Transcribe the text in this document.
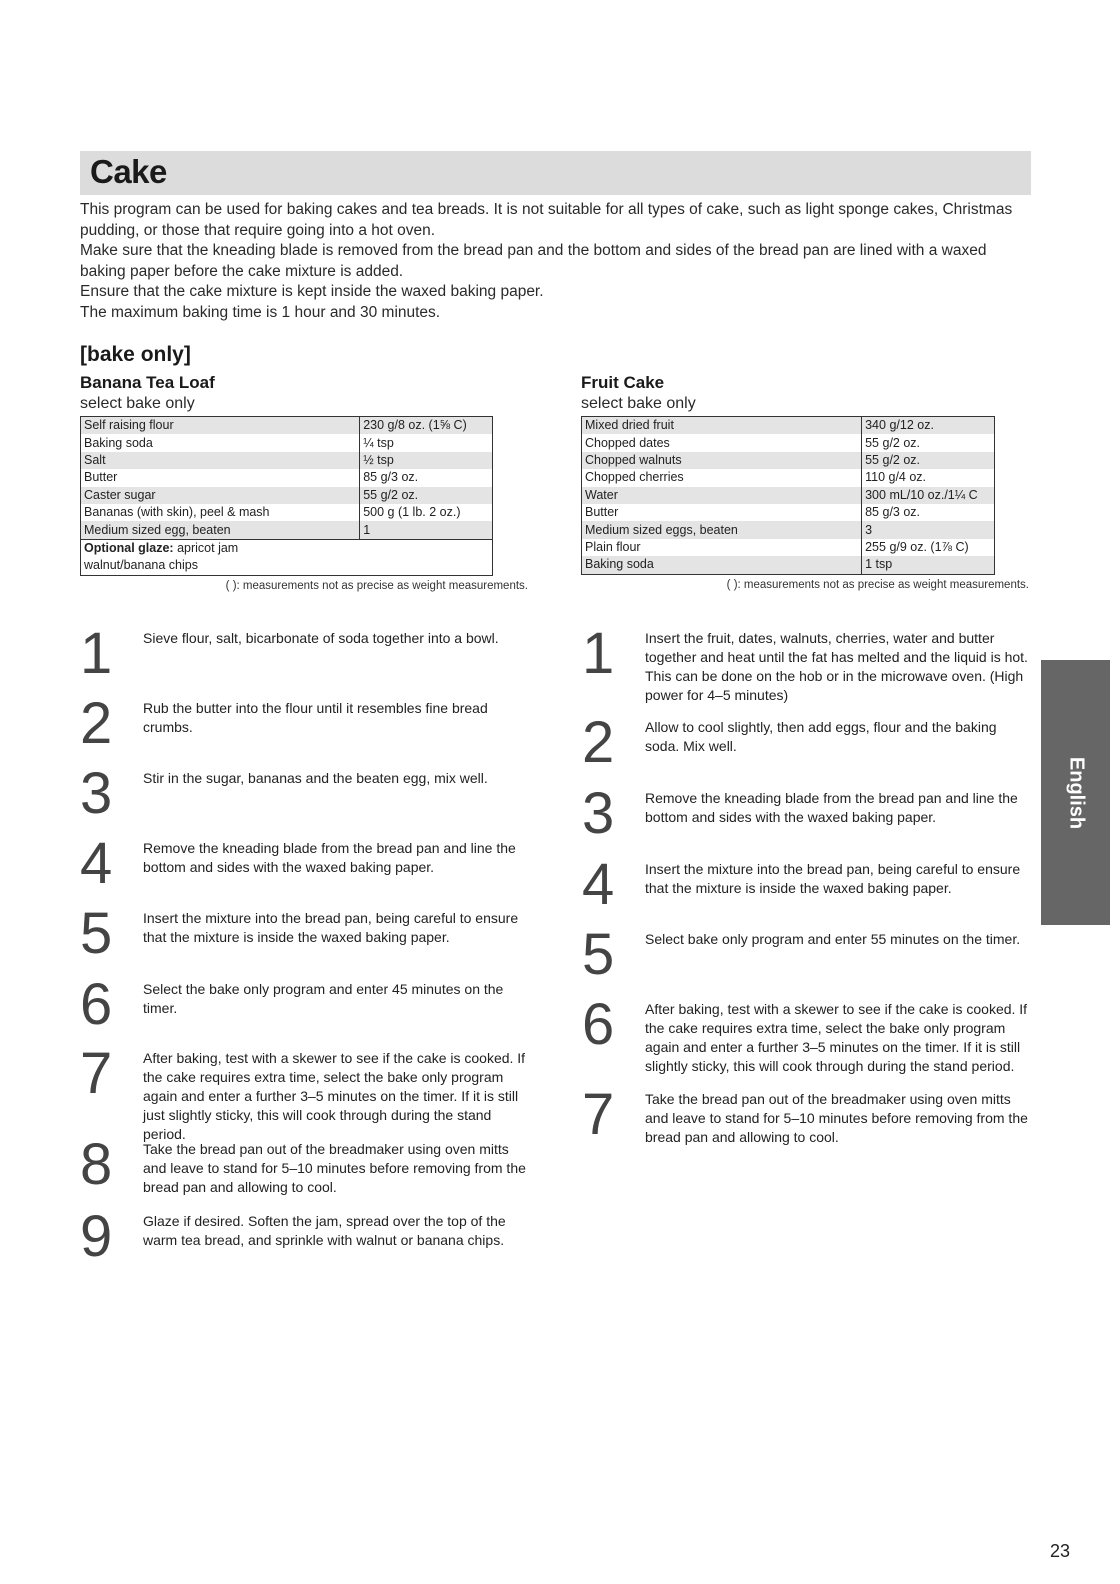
Cake

This program can be used for baking cakes and tea breads. It is not suitable for all types of cake, such as light sponge cakes, Christmas pudding, or those that require going into a hot oven.

Make sure that the kneading blade is removed from the bread pan and the bottom and sides of the bread pan are lined with a waxed baking paper before the cake mixture is added.

Ensure that the cake mixture is kept inside the waxed baking paper.

The maximum baking time is 1 hour and 30 minutes.

[bake only]
Banana Tea Loaf
select bake only
Self raising flour	230 g/8 oz. (1⅝ C)
Baking soda	¼ tsp
Salt	½ tsp
Butter	85 g/3 oz.
Caster sugar	55 g/2 oz.
Bananas (with skin), peel & mash	500 g (1 lb. 2 oz.)
Medium sized egg, beaten	1
Optional glaze: apricot jam	
walnut/banana chips	
( ): measurements not as precise as weight measurements.
Fruit Cake
select bake only
Mixed dried fruit	340 g/12 oz.
Chopped dates	55 g/2 oz.
Chopped walnuts	55 g/2 oz.
Chopped cherries	110 g/4 oz.
Water	300 mL/10 oz./1¼ C
Butter	85 g/3 oz.
Medium sized eggs, beaten	3
Plain flour	255 g/9 oz. (1⅞ C)
Baking soda	1 tsp
( ): measurements not as precise as weight measurements.
1 Sieve flour, salt, bicarbonate of soda together into a bowl.
2 Rub the butter into the flour until it resembles fine bread crumbs.
3 Stir in the sugar, bananas and the beaten egg, mix well.
4 Remove the kneading blade from the bread pan and line the bottom and sides with the waxed baking paper.
5 Insert the mixture into the bread pan, being careful to ensure that the mixture is inside the waxed baking paper.
6 Select the bake only program and enter 45 minutes on the timer.
7 After baking, test with a skewer to see if the cake is cooked. If the cake requires extra time, select the bake only program again and enter a further 3–5 minutes on the timer. If it is still just slightly sticky, this will cook through during the stand period.
8 Take the bread pan out of the breadmaker using oven mitts and leave to stand for 5–10 minutes before removing from the bread pan and allowing to cool.
9 Glaze if desired. Soften the jam, spread over the top of the warm tea bread, and sprinkle with walnut or banana chips.
1 Insert the fruit, dates, walnuts, cherries, water and butter together and heat until the fat has melted and the liquid is hot. This can be done on the hob or in the microwave oven. (High power for 4–5 minutes)
2 Allow to cool slightly, then add eggs, flour and the baking soda. Mix well.
3 Remove the kneading blade from the bread pan and line the bottom and sides with the waxed baking paper.
4 Insert the mixture into the bread pan, being careful to ensure that the mixture is inside the waxed baking paper.
5 Select bake only program and enter 55 minutes on the timer.
6 After baking, test with a skewer to see if the cake is cooked. If the cake requires extra time, select the bake only program again and enter a further 3–5 minutes on the timer. If it is still slightly sticky, this will cook through during the stand period.
7 Take the bread pan out of the breadmaker using oven mitts and leave to stand for 5–10 minutes before removing from the bread pan and allowing to cool.
English
23
